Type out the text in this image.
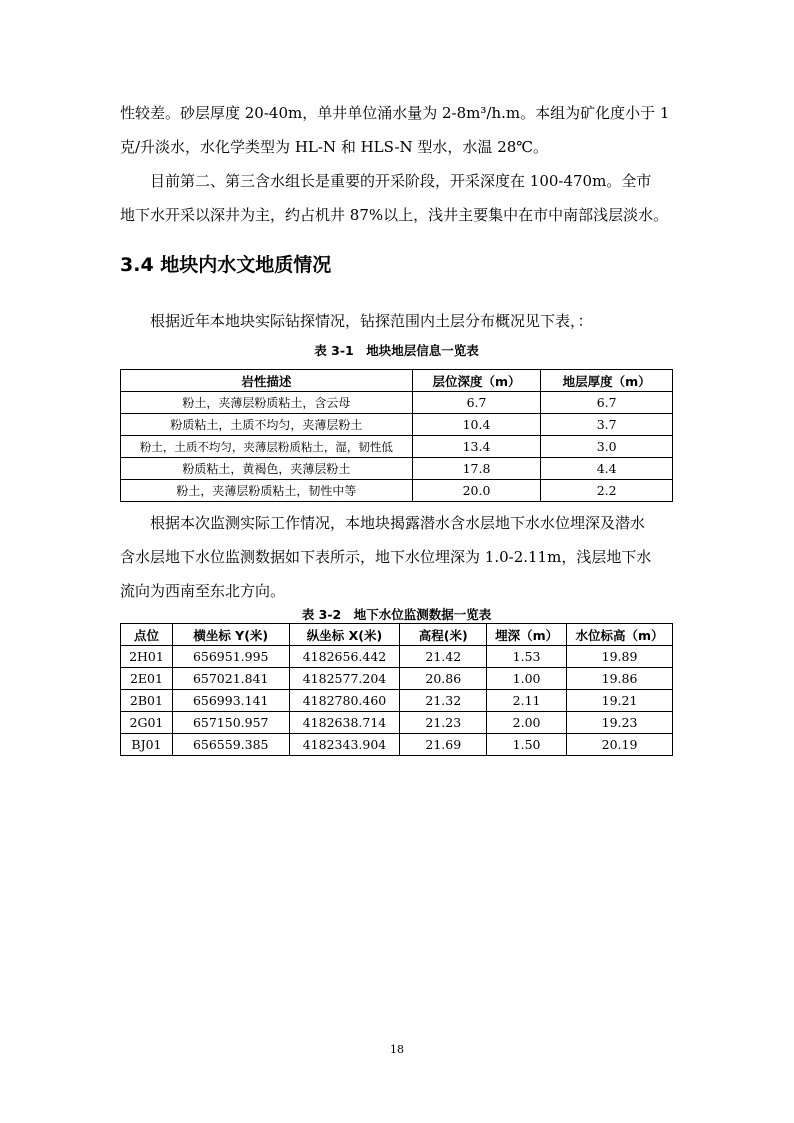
性较差。砂层厚度 20-40m，单井单位涌水量为 2-8m³/h.m。本组为矿化度小于 1
克/升淡水，水化学类型为 HL-N 和 HLS-N 型水，水温 28℃。

目前第二、第三含水组长是重要的开采阶段，开采深度在 100-470m。全市
地下水开采以深井为主，约占机井 87%以上，浅井主要集中在市中南部浅层淡水。

3.4 地块内水文地质情况

根据近年本地块实际钻探情况，钻探范围内土层分布概况见下表，：

表 3-1　地块地层信息一览表

岩性描述	层位深度（m）	地层厚度（m）
粉土，夹薄层粉质粘土，含云母	6.7	6.7
粉质粘土，土质不均匀，夹薄层粉土	10.4	3.7
粉土，土质不均匀，夹薄层粉质粘土，湿，韧性低	13.4	3.0
粉质粘土，黄褐色，夹薄层粉土	17.8	4.4
粉土，夹薄层粉质粘土，韧性中等	20.0	2.2

根据本次监测实际工作情况，本地块揭露潜水含水层地下水水位埋深及潜水
含水层地下水位监测数据如下表所示，地下水位埋深为 1.0-2.11m，浅层地下水
流向为西南至东北方向。

表 3-2　地下水位监测数据一览表

点位	横坐标 Y(米)	纵坐标 X(米)	高程(米)	埋深（m）	水位标高（m）
2H01	656951.995	4182656.442	21.42	1.53	19.89
2E01	657021.841	4182577.204	20.86	1.00	19.86
2B01	656993.141	4182780.460	21.32	2.11	19.21
2G01	657150.957	4182638.714	21.23	2.00	19.23
BJ01	656559.385	4182343.904	21.69	1.50	20.19
18
